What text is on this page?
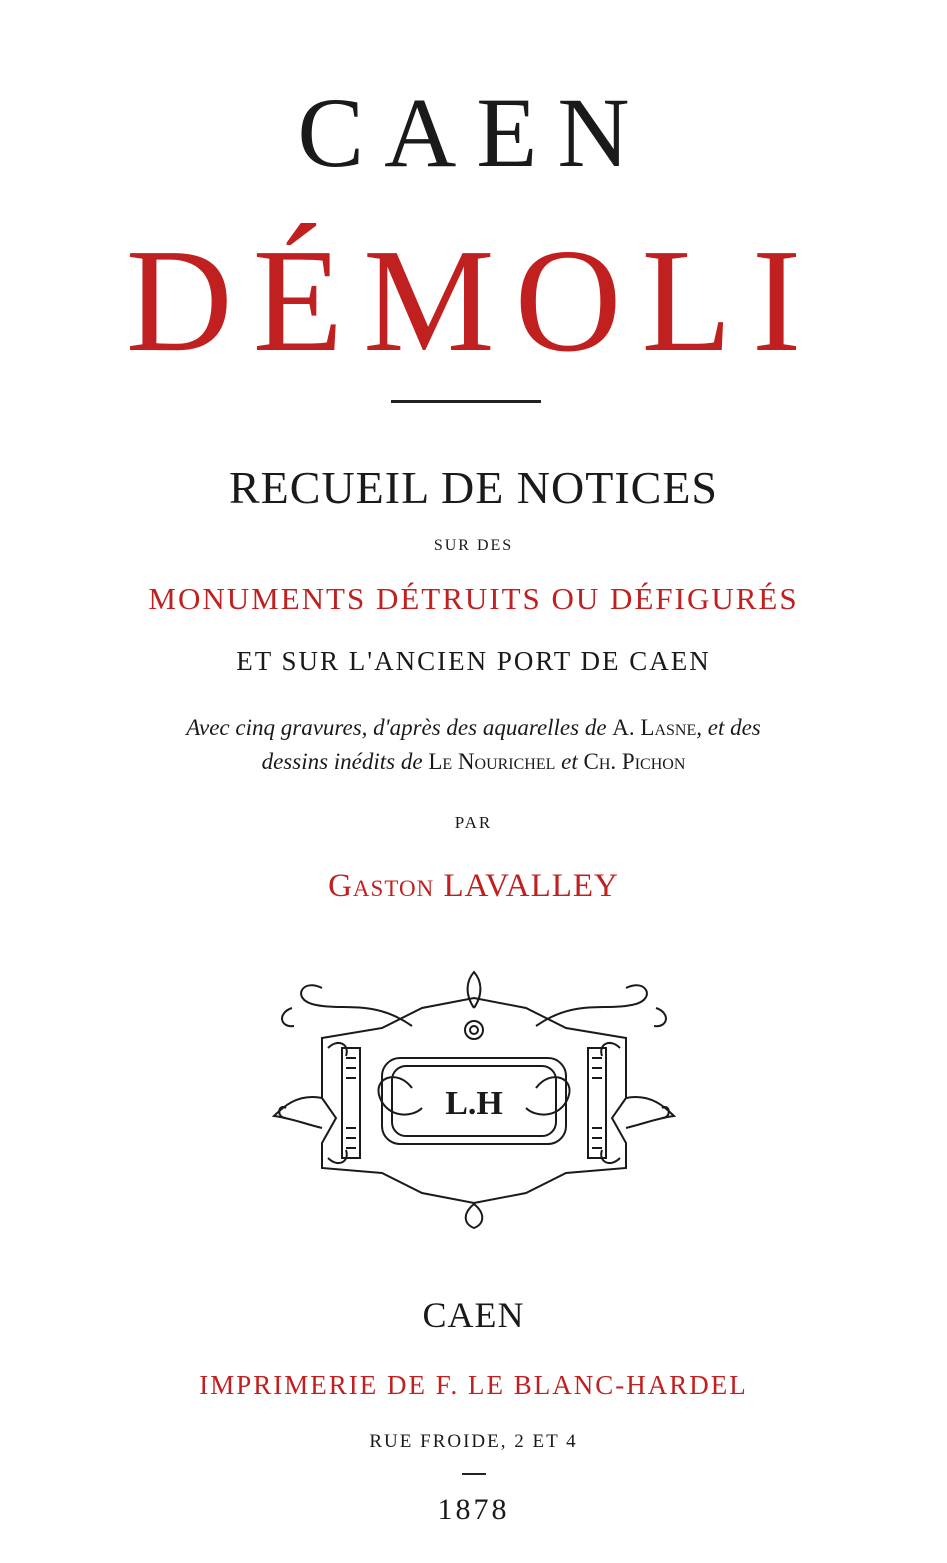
CAEN
DÉMOLI
RECUEIL DE NOTICES
SUR DES
MONUMENTS DÉTRUITS OU DÉFIGURÉS
ET SUR L'ANCIEN PORT DE CAEN
Avec cinq gravures, d'après des aquarelles de A. Lasne, et des
dessins inédits de Le Nourichel et Ch. Pichon
PAR
Gaston LAVALLEY
L.H
CAEN
IMPRIMERIE DE F. LE BLANC-HARDEL
RUE FROIDE, 2 ET 4
1878
